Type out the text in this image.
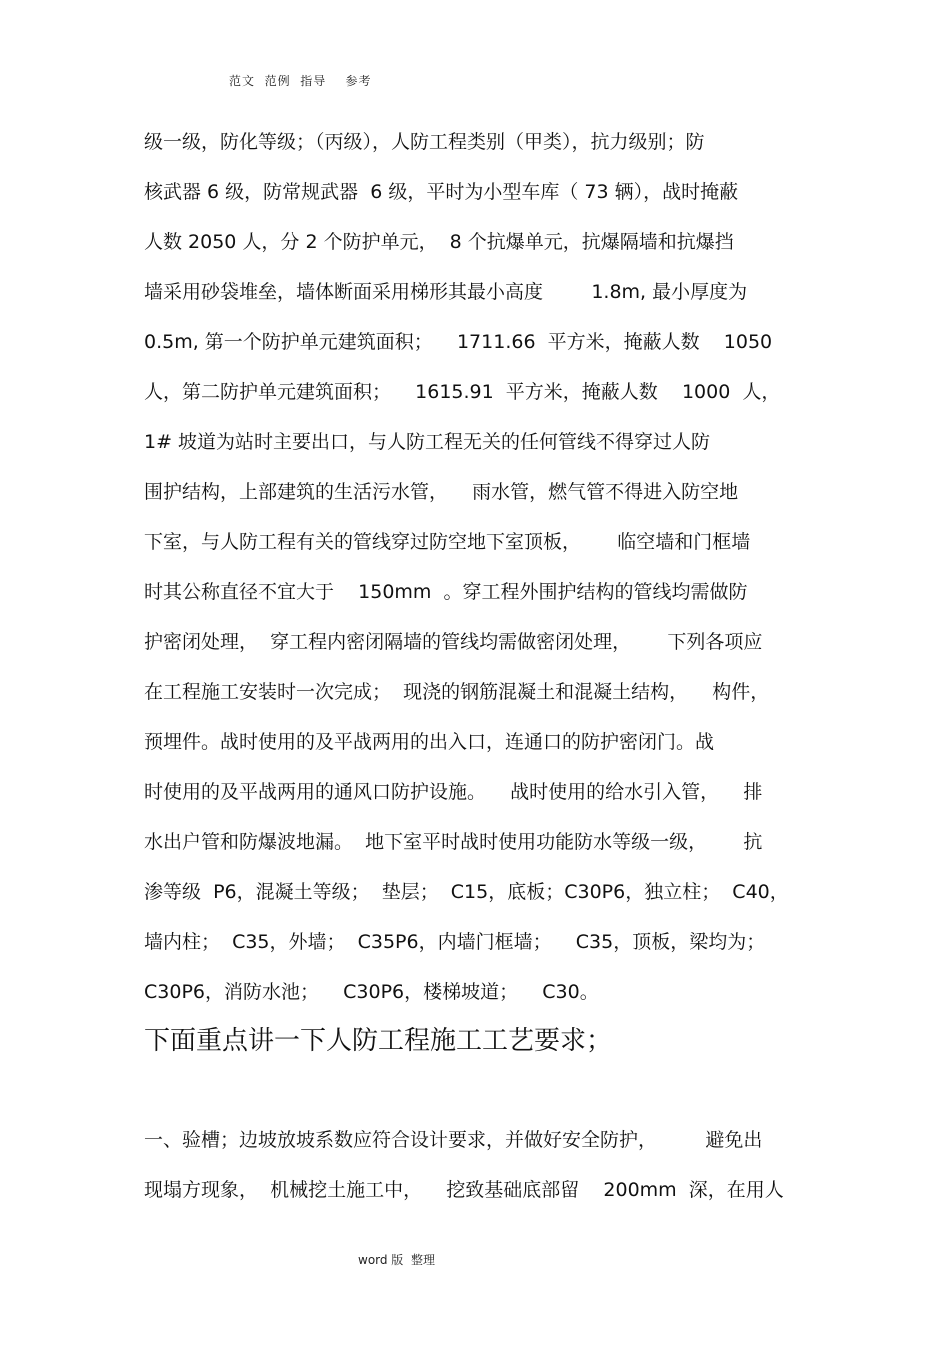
范文  范例  指导    参考
级一级，防化等级；（丙级），人防工程类别（甲类），抗力级别；防
核武器 6 级，防常规武器  6 级，平时为小型车库（ 73 辆），战时掩蔽
人数 2050 人，分 2 个防护单元，  8 个抗爆单元，抗爆隔墙和抗爆挡
墙采用砂袋堆垒，墙体断面采用梯形其最小高度        1.8m, 最小厚度为
0.5m, 第一个防护单元建筑面积；    1711.66  平方米，掩蔽人数    1050
人，第二防护单元建筑面积；    1615.91  平方米，掩蔽人数    1000  人，
1# 坡道为站时主要出口，与人防工程无关的任何管线不得穿过人防
围护结构，上部建筑的生活污水管，    雨水管，燃气管不得进入防空地
下室，与人防工程有关的管线穿过防空地下室顶板，      临空墙和门框墙
时其公称直径不宜大于    150mm  。穿工程外围护结构的管线均需做防
护密闭处理，  穿工程内密闭隔墙的管线均需做密闭处理，      下列各项应
在工程施工安装时一次完成；  现浇的钢筋混凝土和混凝土结构，    构件，
预埋件。战时使用的及平战两用的出入口，连通口的防护密闭门。战
时使用的及平战两用的通风口防护设施。    战时使用的给水引入管，    排
水出户管和防爆波地漏。  地下室平时战时使用功能防水等级一级，      抗
渗等级  P6，混凝土等级；  垫层；  C15，底板；C30P6，独立柱；  C40，
墙内柱；  C35，外墙；  C35P6，内墙门框墙；    C35，顶板，梁均为；
C30P6，消防水池；    C30P6，楼梯坡道；    C30。
下面重点讲一下人防工程施工工艺要求；
一、验槽；边坡放坡系数应符合设计要求，并做好安全防护，        避免出
现塌方现象，  机械挖土施工中，    挖致基础底部留    200mm  深，在用人
word 版  整理
